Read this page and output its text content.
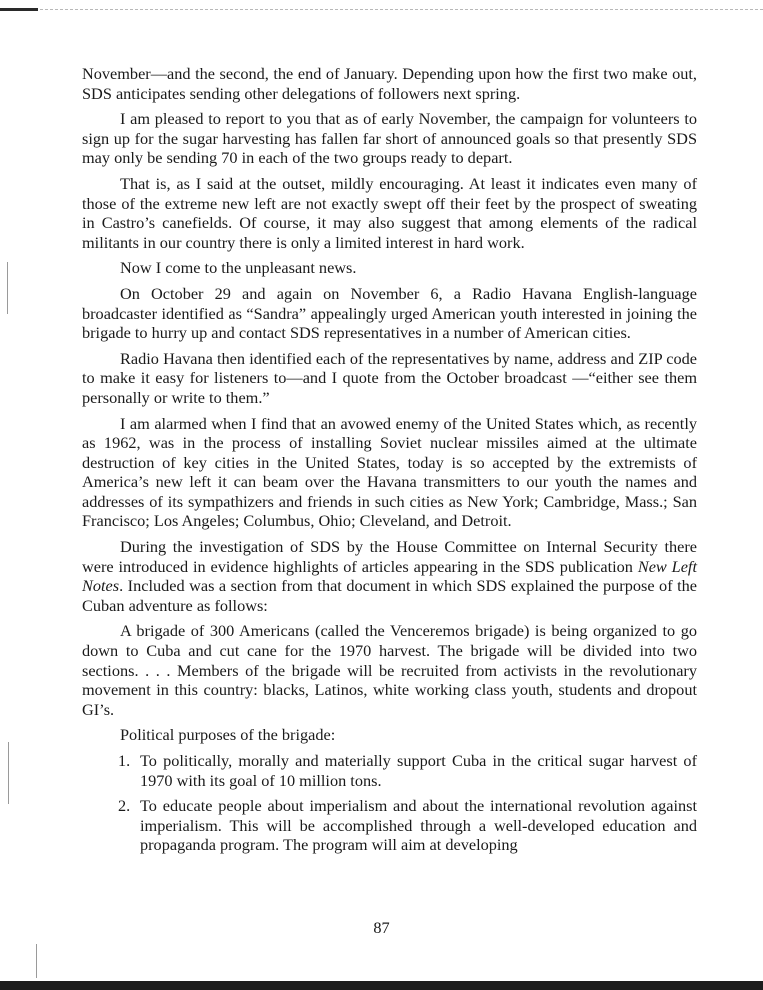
November—and the second, the end of January. Depending upon how the first two make out, SDS anticipates sending other delegations of followers next spring.

I am pleased to report to you that as of early November, the campaign for volunteers to sign up for the sugar harvesting has fallen far short of announced goals so that presently SDS may only be sending 70 in each of the two groups ready to depart.

That is, as I said at the outset, mildly encouraging. At least it indicates even many of those of the extreme new left are not exactly swept off their feet by the prospect of sweating in Castro’s canefields. Of course, it may also suggest that among elements of the radical militants in our country there is only a limited interest in hard work.

Now I come to the unpleasant news.

On October 29 and again on November 6, a Radio Havana English-language broadcaster identified as “Sandra” appealingly urged American youth interested in joining the brigade to hurry up and contact SDS representatives in a number of American cities.

Radio Havana then identified each of the representatives by name, address and ZIP code to make it easy for listeners to—and I quote from the October broadcast —“either see them personally or write to them.”

I am alarmed when I find that an avowed enemy of the United States which, as recently as 1962, was in the process of installing Soviet nuclear missiles aimed at the ultimate destruction of key cities in the United States, today is so accepted by the extremists of America’s new left it can beam over the Havana transmitters to our youth the names and addresses of its sympathizers and friends in such cities as New York; Cambridge, Mass.; San Francisco; Los Angeles; Columbus, Ohio; Cleveland, and Detroit.

During the investigation of SDS by the House Committee on Internal Security there were introduced in evidence highlights of articles appearing in the SDS publication New Left Notes. Included was a section from that document in which SDS explained the purpose of the Cuban adventure as follows:

A brigade of 300 Americans (called the Venceremos brigade) is being organized to go down to Cuba and cut cane for the 1970 harvest. The brigade will be divided into two sections. . . . Members of the brigade will be recruited from activists in the revolutionary movement in this country: blacks, Latinos, white working class youth, students and dropout GI’s.

Political purposes of the brigade:

1. To politically, morally and materially support Cuba in the critical sugar harvest of 1970 with its goal of 10 million tons.
2. To educate people about imperialism and about the international revolution against imperialism. This will be accomplished through a well-developed education and propaganda program. The program will aim at developing
87
